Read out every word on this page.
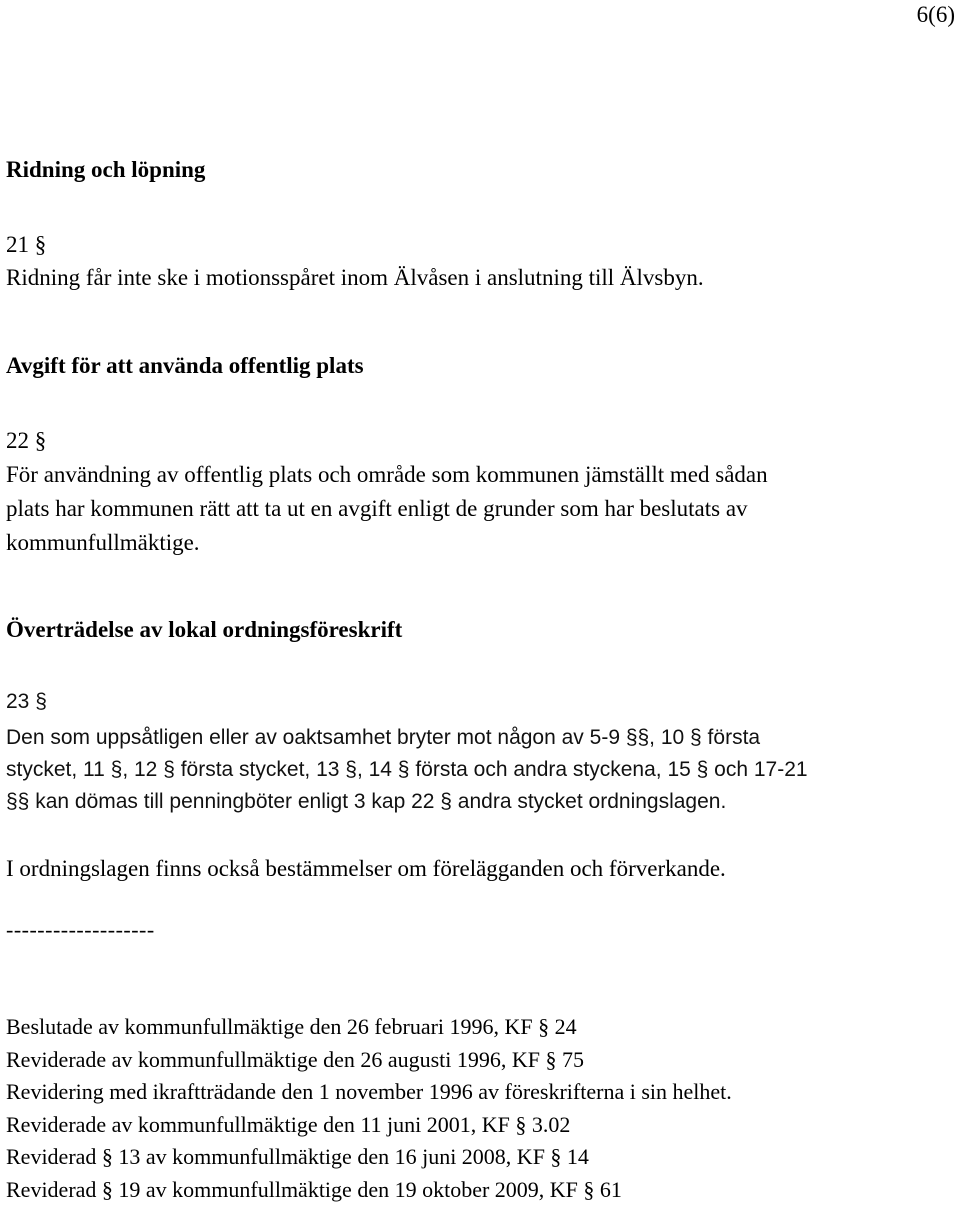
6(6)
Ridning och löpning
21 §
Ridning får inte ske i motionsspåret inom Älvåsen i anslutning till Älvsbyn.
Avgift för att använda offentlig plats
22 §
För användning av offentlig plats och område som kommunen jämställt med sådan
plats har kommunen rätt att ta ut en avgift enligt de grunder som har beslutats av
kommunfullmäktige.
Överträdelse av lokal ordningsföreskrift
23 §
Den som uppsåtligen eller av oaktsamhet bryter mot någon av 5-9 §§, 10 § första
stycket, 11 §, 12 § första stycket, 13 §, 14 § första och andra styckena, 15 § och 17-21
§§ kan dömas till penningböter enligt 3 kap 22 § andra stycket ordningslagen.
I ordningslagen finns också bestämmelser om förelägganden och förverkande.
-------------------
Beslutade av kommunfullmäktige den 26 februari 1996, KF § 24
Reviderade av kommunfullmäktige den 26 augusti 1996, KF § 75
Revidering med ikraftträdande den 1 november 1996 av föreskrifterna i sin helhet.
Reviderade av kommunfullmäktige den 11 juni 2001, KF § 3.02
Reviderad § 13 av kommunfullmäktige den 16 juni 2008, KF § 14
Reviderad § 19 av kommunfullmäktige den 19 oktober 2009, KF § 61
